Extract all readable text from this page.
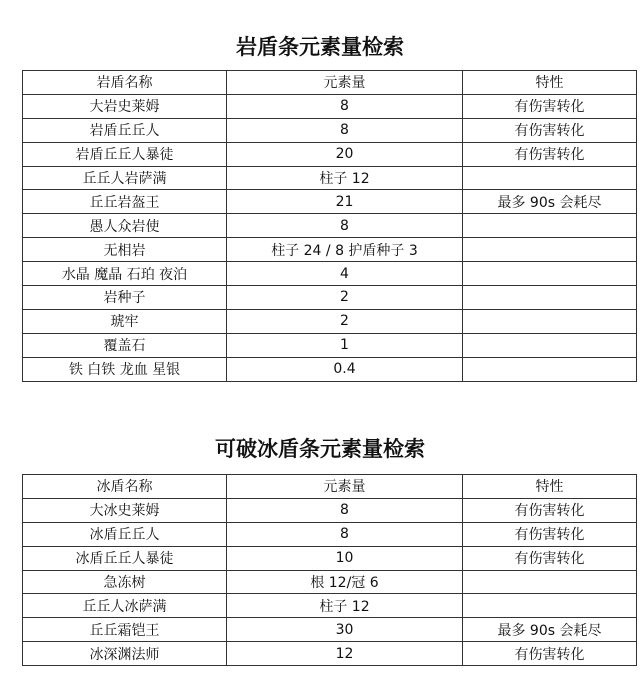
岩盾条元素量检索
岩盾名称	元素量	特性
大岩史莱姆	8	有伤害转化
岩盾丘丘人	8	有伤害转化
岩盾丘丘人暴徒	20	有伤害转化
丘丘人岩萨满	柱子 12	
丘丘岩盔王	21	最多 90s 会耗尽
愚人众岩使	8	
无相岩	柱子 24 / 8 护盾种子 3	
水晶 魔晶 石珀 夜泊	4	
岩种子	2	
琥牢	2	
覆盖石	1	
铁 白铁 龙血 星银	0.4	
可破冰盾条元素量检索
冰盾名称	元素量	特性
大冰史莱姆	8	有伤害转化
冰盾丘丘人	8	有伤害转化
冰盾丘丘人暴徒	10	有伤害转化
急冻树	根 12/冠 6	
丘丘人冰萨满	柱子 12	
丘丘霜铠王	30	最多 90s 会耗尽
冰深渊法师	12	有伤害转化
